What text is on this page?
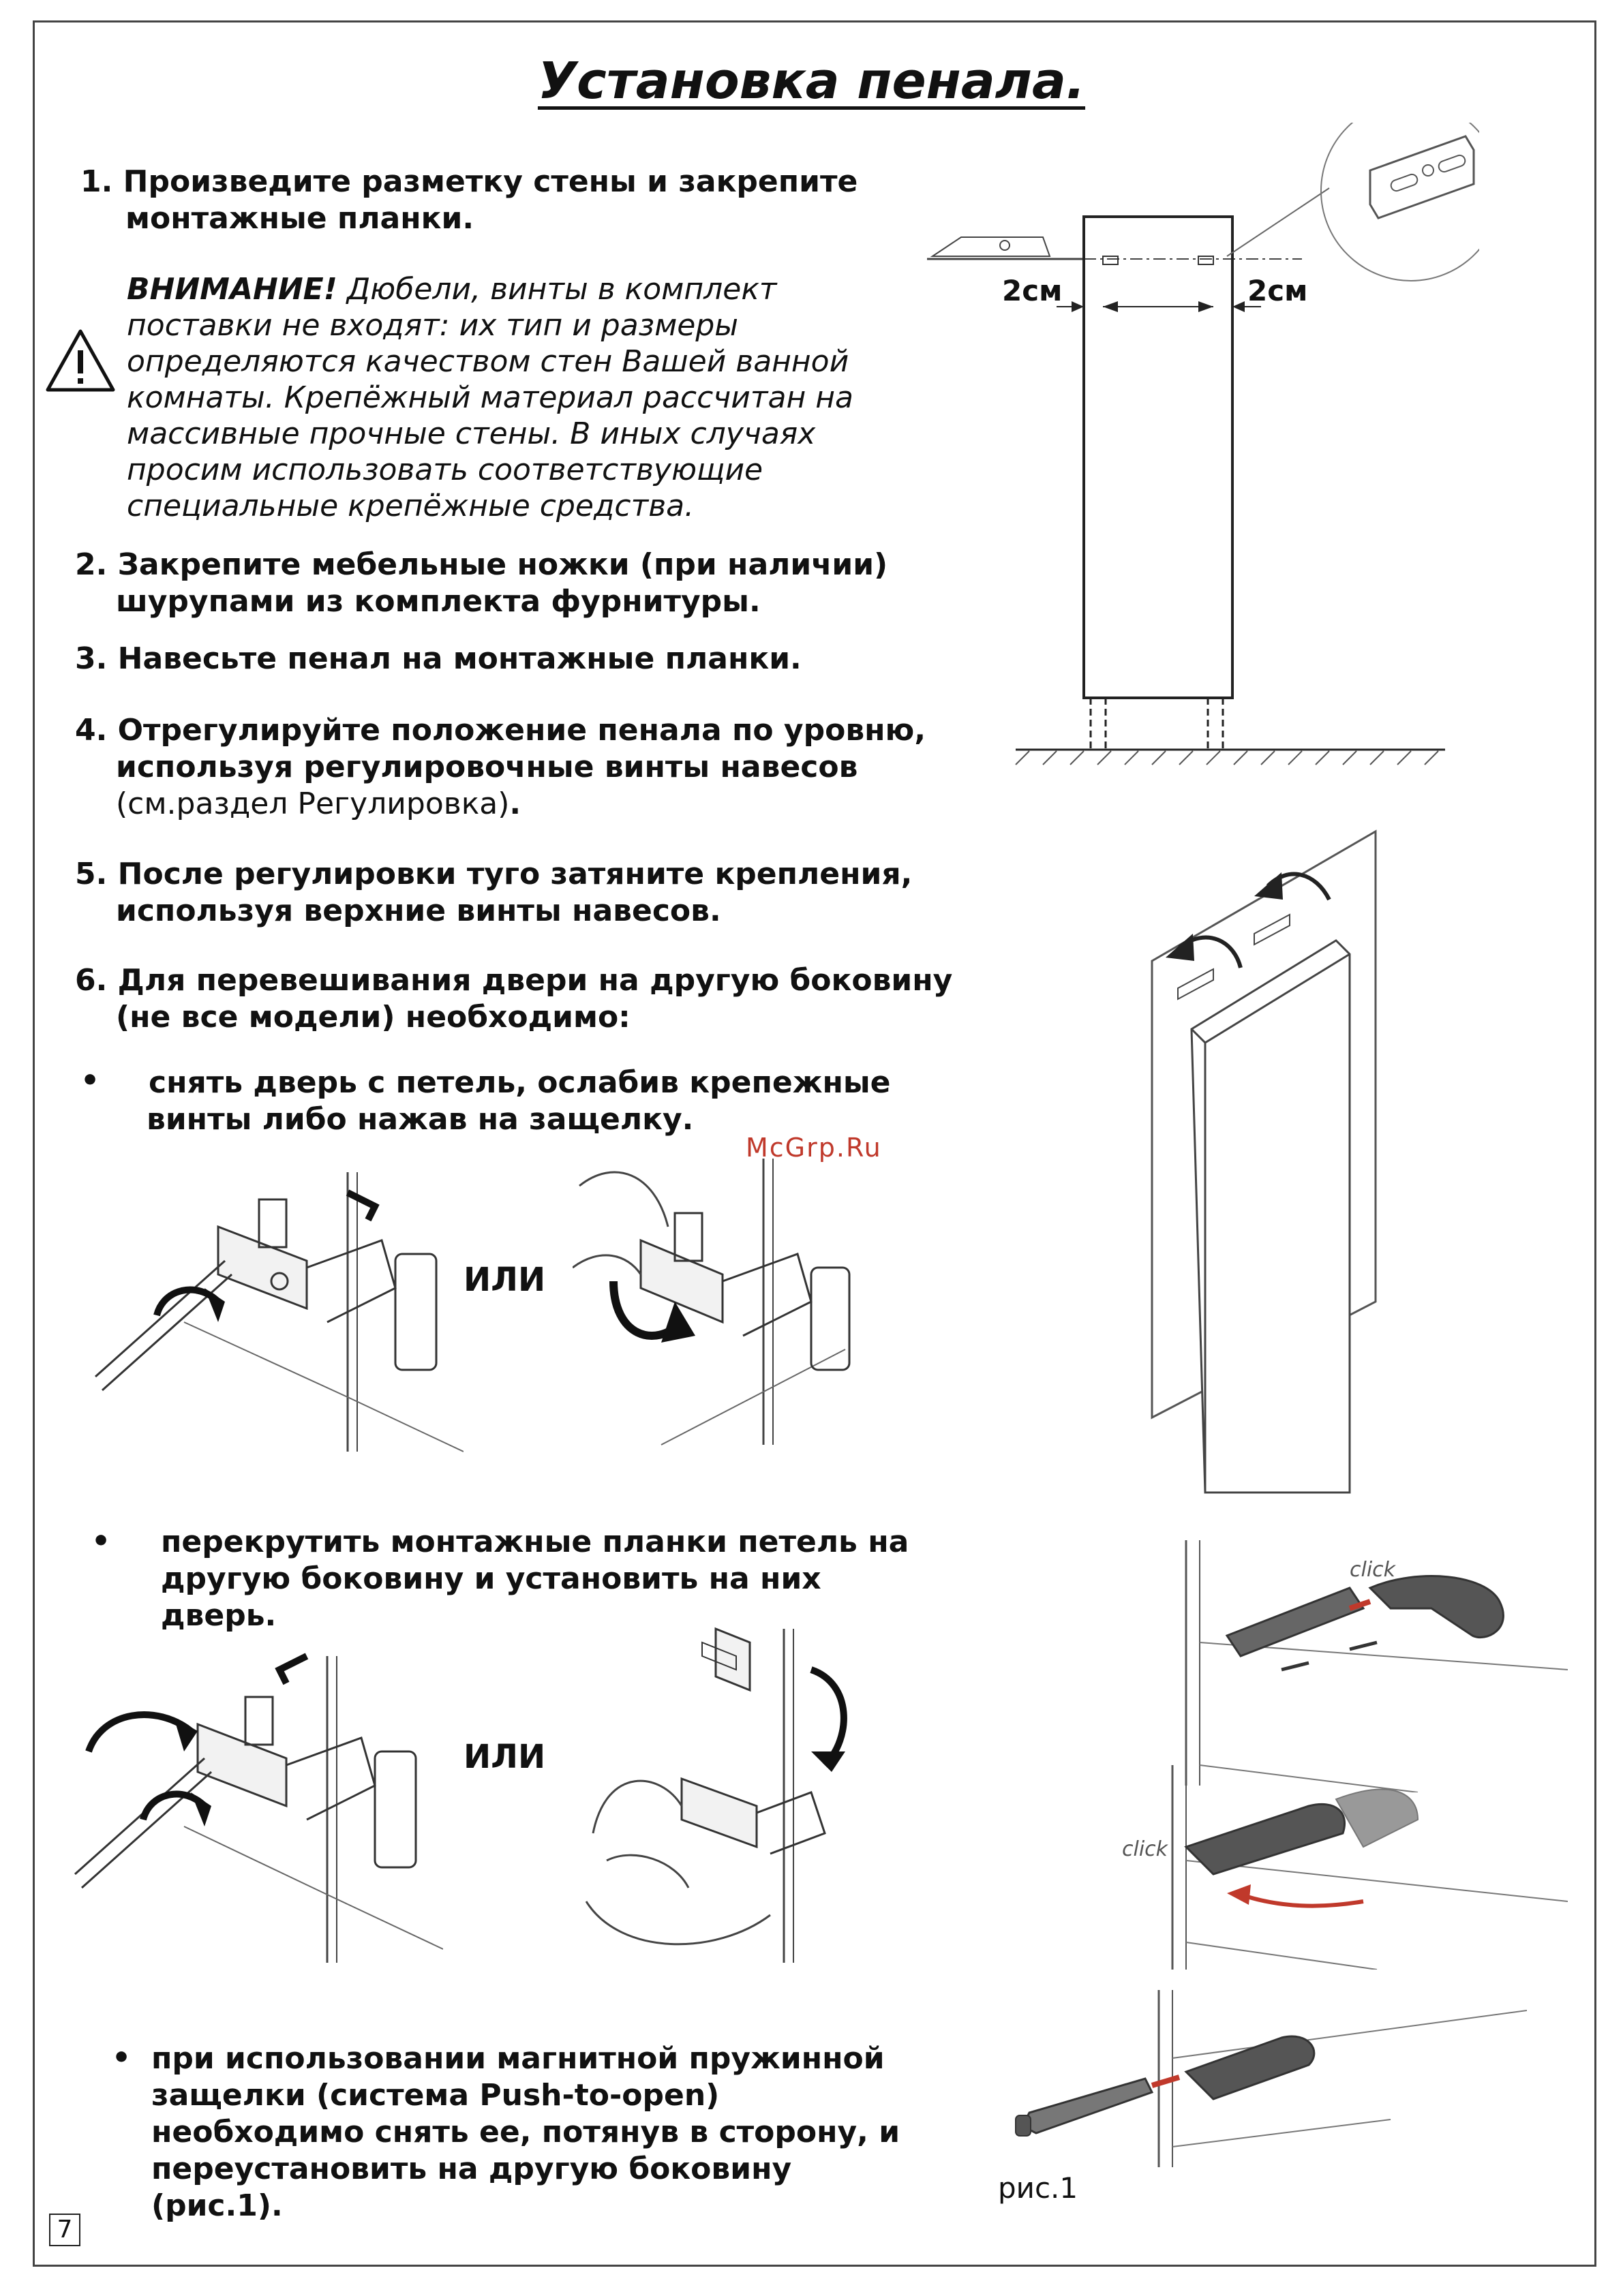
Установка пенала.
1. Произведите разметку стены и закрепите
монтажные планки.
ВНИМАНИЕ! Дюбели, винты в комплект
поставки не входят: их тип и размеры
определяются качеством стен Вашей ванной
комнаты. Крепёжный материал рассчитан на
массивные прочные стены. В иных случаях
просим использовать соответствующие
специальные крепёжные средства.
2. Закрепите мебельные ножки (при наличии)
шурупами из комплекта фурнитуры.
3. Навесьте пенал на монтажные планки.
4. Отрегулируйте положение пенала по уровню,
используя регулировочные винты навесов
(см.раздел Регулировка).
5. После регулировки туго затяните крепления,
используя верхние винты навесов.
6. Для перевешивания двери на другую боковину
(не все модели) необходимо:
• снять дверь с петель, ослабив крепежные
винты либо нажав на защелку.
McGrp.Ru
• перекрутить монтажные планки петель на
другую боковину и установить на них
дверь.
• при использовании магнитной пружинной
защелки (система Push-to-open)
необходимо снять ее, потянув в сторону, и
переустановить на другую боковину
(рис.1).
2см	2см
ИЛИ
ИЛИ
click
click
рис.1
7
